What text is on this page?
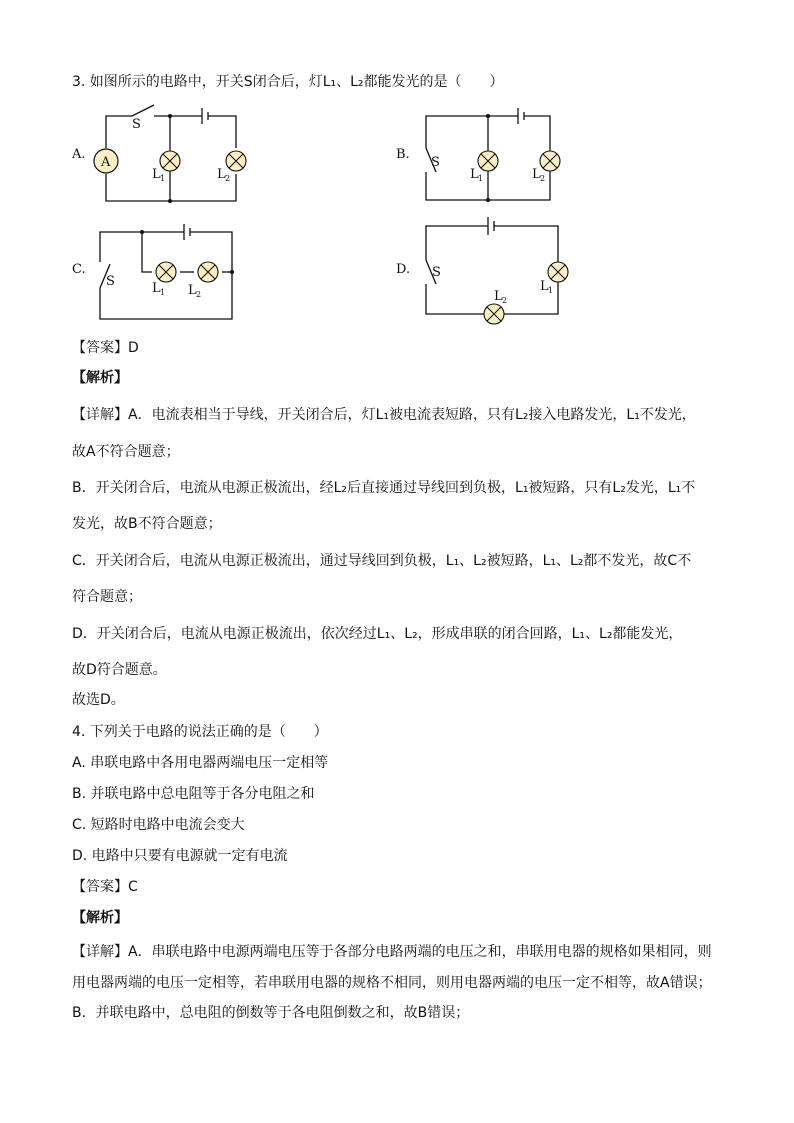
3. 如图所示的电路中，开关S闭合后，灯L₁、L₂都能发光的是（　　）
A.
A
S
L 1	L 2
B.
S
L 1	L 2
C.
S	L 1 L 2
D. S
L 1
L 2
【答案】D
【解析】
【详解】A．电流表相当于导线，开关闭合后，灯L₁被电流表短路，只有L₂接入电路发光，L₁不发光，
故A不符合题意；
B．开关闭合后，电流从电源正极流出，经L₂后直接通过导线回到负极，L₁被短路，只有L₂发光，L₁不
发光，故B不符合题意；
C．开关闭合后，电流从电源正极流出，通过导线回到负极，L₁、L₂被短路，L₁、L₂都不发光，故C不
符合题意；
D．开关闭合后，电流从电源正极流出，依次经过L₁、L₂，形成串联的闭合回路，L₁、L₂都能发光，
故D符合题意。
故选D。
4. 下列关于电路的说法正确的是（　　）
A. 串联电路中各用电器两端电压一定相等
B. 并联电路中总电阻等于各分电阻之和
C. 短路时电路中电流会变大
D. 电路中只要有电源就一定有电流
【答案】C
【解析】
【详解】A．串联电路中电源两端电压等于各部分电路两端的电压之和，串联用电器的规格如果相同，则
用电器两端的电压一定相等，若串联用电器的规格不相同，则用电器两端的电压一定不相等，故A错误；
B．并联电路中，总电阻的倒数等于各电阻倒数之和，故B错误；
